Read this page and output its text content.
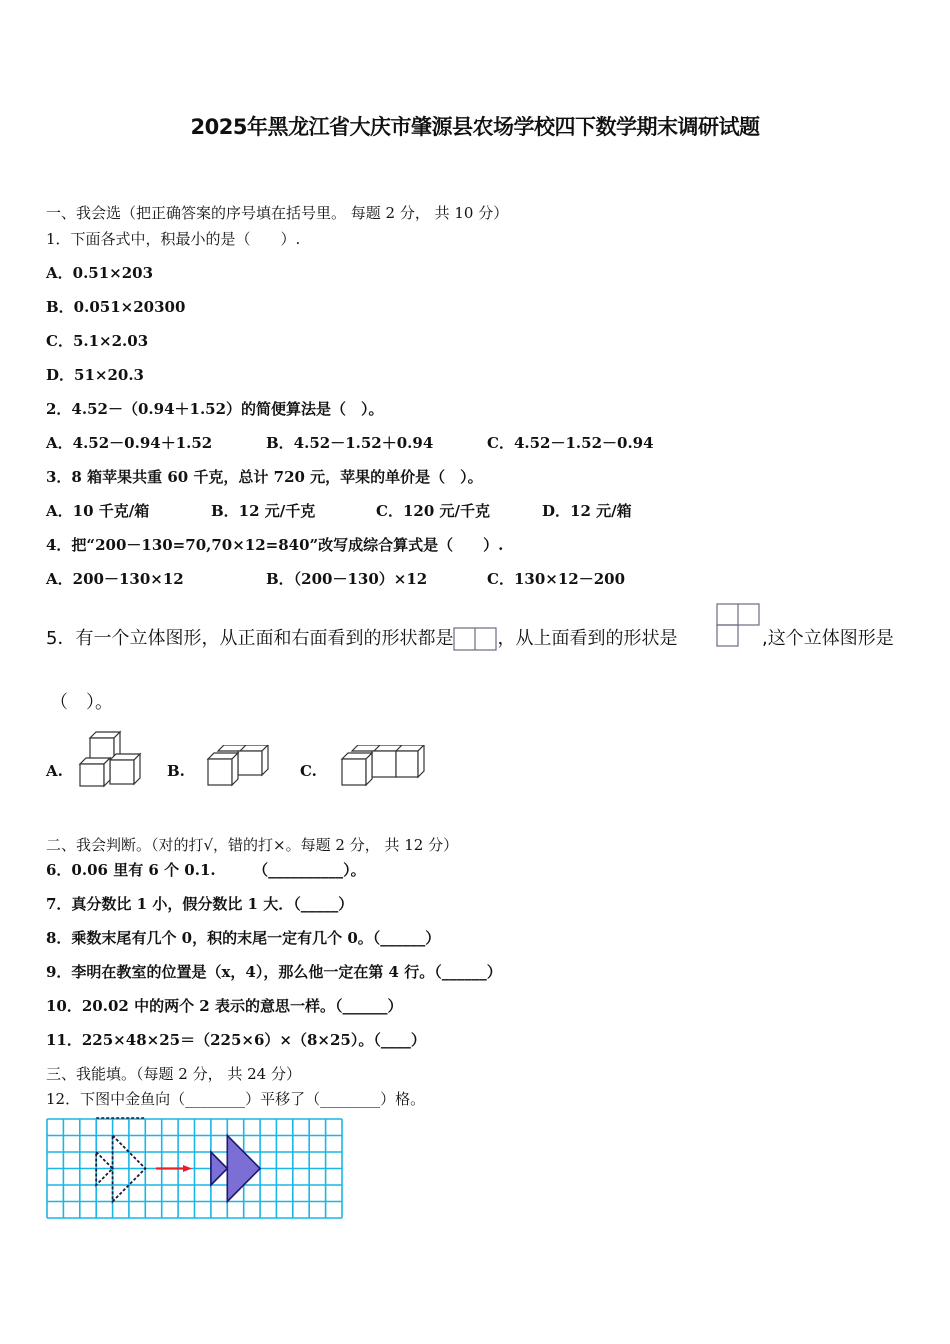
2025年黑龙江省大庆市肇源县农场学校四下数学期末调研试题
一、我会选（把正确答案的序号填在括号里。 每题 2 分， 共 10 分）
1．下面各式中，积最小的是（　　）.
A．0.51×203
B．0.051×20300
C．5.1×2.03
D．51×20.3
2．4.52－（0.94＋1.52）的简便算法是（　）。
A．4.52－0.94＋1.52	B．4.52－1.52＋0.94	C．4.52－1.52－0.94
3．8 箱苹果共重 60 千克，总计 720 元，苹果的单价是（　）。
A．10 千克/箱	B．12 元/千克	C．120 元/千克	D．12 元/箱
4．把“200－130=70,70×12=840”改写成综合算式是（　　）.
A．200－130×12	B．（200－130）×12	C．130×12－200
5．有一个立体图形，从正面和右面看到的形状都是 ，从上面看到的形状是	,这个立体图形是
（　）。
A.	B.	C.
二、我会判断。（对的打√，错的打×。每题 2 分， 共 12 分）
6．0.06 里有 6 个 0.1.　　　（__________）。
7．真分数比 1 小，假分数比 1 大．（_____）
8．乘数末尾有几个 0，积的末尾一定有几个 0。（______）
9．李明在教室的位置是（x，4），那么他一定在第 4 行。（______）
10．20.02 中的两个 2 表示的意思一样。（______）
11．225×48×25＝（225×6）×（8×25）。（____）
三、我能填。（每题 2 分， 共 24 分）
12．下图中金鱼向（________）平移了（________）格。
